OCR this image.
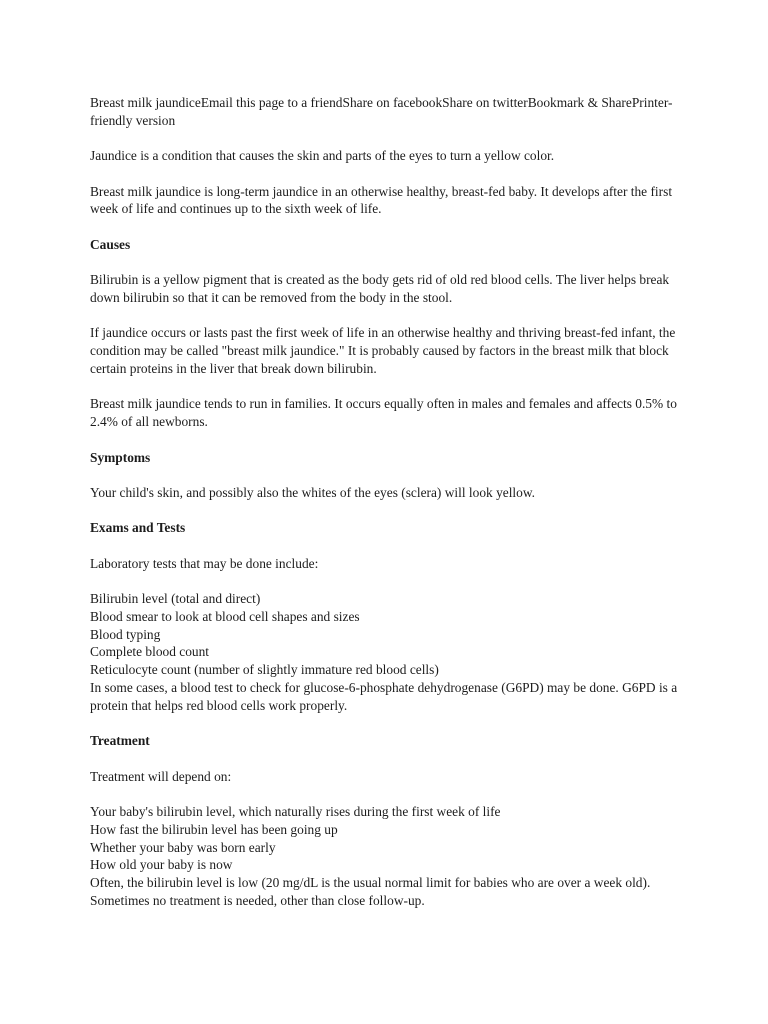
Breast milk jaundiceEmail this page to a friendShare on facebookShare on twitterBookmark & SharePrinter-friendly version

Jaundice is a condition that causes the skin and parts of the eyes to turn a yellow color.

Breast milk jaundice is long-term jaundice in an otherwise healthy, breast-fed baby. It develops after the first week of life and continues up to the sixth week of life.

Causes

Bilirubin is a yellow pigment that is created as the body gets rid of old red blood cells. The liver helps break down bilirubin so that it can be removed from the body in the stool.

If jaundice occurs or lasts past the first week of life in an otherwise healthy and thriving breast-fed infant, the condition may be called "breast milk jaundice." It is probably caused by factors in the breast milk that block certain proteins in the liver that break down bilirubin.

Breast milk jaundice tends to run in families. It occurs equally often in males and females and affects 0.5% to 2.4% of all newborns.

Symptoms

Your child's skin, and possibly also the whites of the eyes (sclera) will look yellow.

Exams and Tests

Laboratory tests that may be done include:

Bilirubin level (total and direct)
Blood smear to look at blood cell shapes and sizes
Blood typing
Complete blood count
Reticulocyte count (number of slightly immature red blood cells)
In some cases, a blood test to check for glucose-6-phosphate dehydrogenase (G6PD) may be done. G6PD is a protein that helps red blood cells work properly.
Treatment

Treatment will depend on:

Your baby's bilirubin level, which naturally rises during the first week of life
How fast the bilirubin level has been going up
Whether your baby was born early
How old your baby is now
Often, the bilirubin level is low (20 mg/dL is the usual normal limit for babies who are over a week old). Sometimes no treatment is needed, other than close follow-up.
